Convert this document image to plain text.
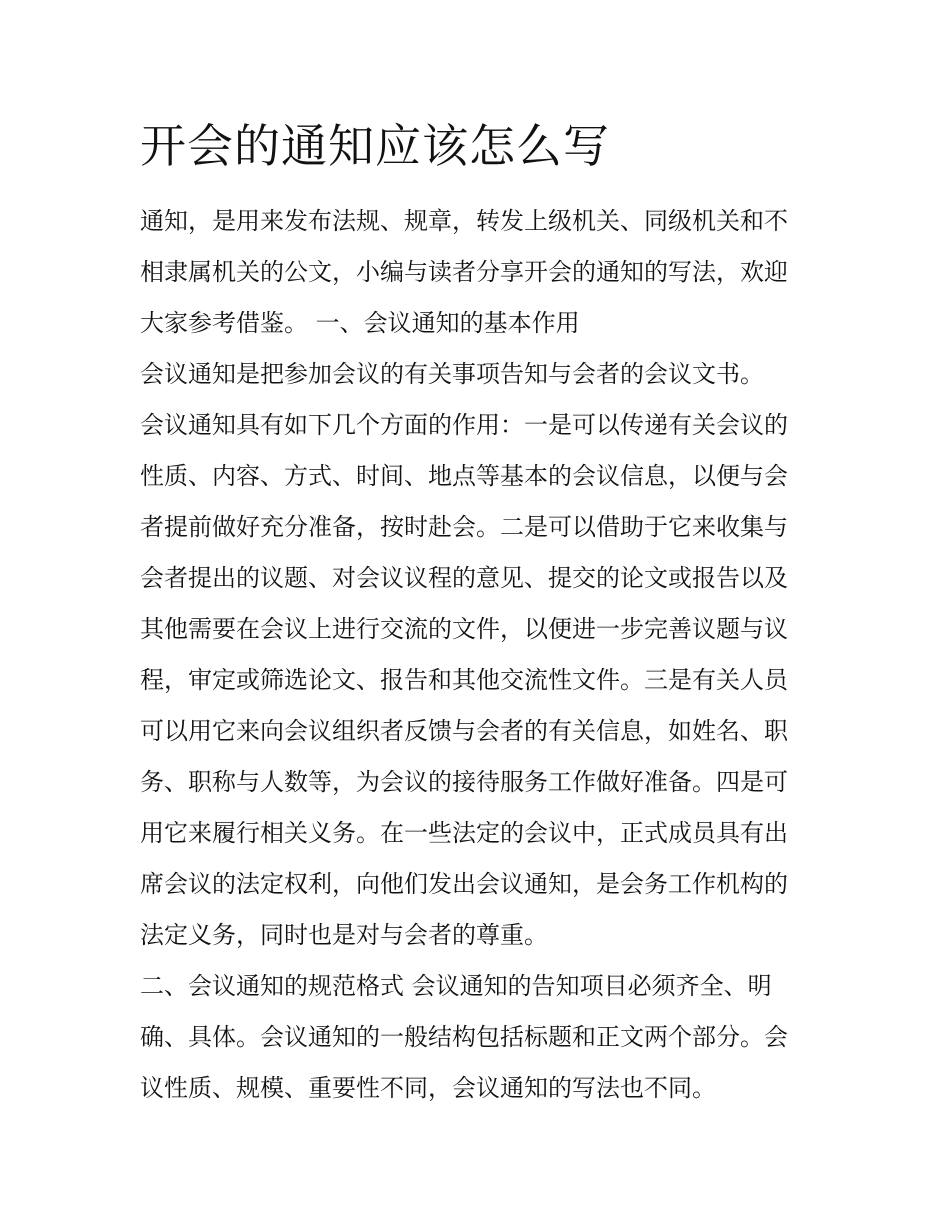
开会的通知应该怎么写

通知，是用来发布法规、规章，转发上级机关、同级机关和不

相隶属机关的公文，小编与读者分享开会的通知的写法，欢迎

大家参考借鉴。 一、会议通知的基本作用

会议通知是把参加会议的有关事项告知与会者的会议文书。

会议通知具有如下几个方面的作用：一是可以传递有关会议的

性质、内容、方式、时间、地点等基本的会议信息，以便与会

者提前做好充分准备，按时赴会。二是可以借助于它来收集与

会者提出的议题、对会议议程的意见、提交的论文或报告以及

其他需要在会议上进行交流的文件，以便进一步完善议题与议

程，审定或筛选论文、报告和其他交流性文件。三是有关人员

可以用它来向会议组织者反馈与会者的有关信息，如姓名、职

务、职称与人数等，为会议的接待服务工作做好准备。四是可

用它来履行相关义务。在一些法定的会议中，正式成员具有出

席会议的法定权利，向他们发出会议通知，是会务工作机构的

法定义务，同时也是对与会者的尊重。

二、会议通知的规范格式 会议通知的告知项目必须齐全、明

确、具体。会议通知的一般结构包括标题和正文两个部分。会

议性质、规模、重要性不同，会议通知的写法也不同。
